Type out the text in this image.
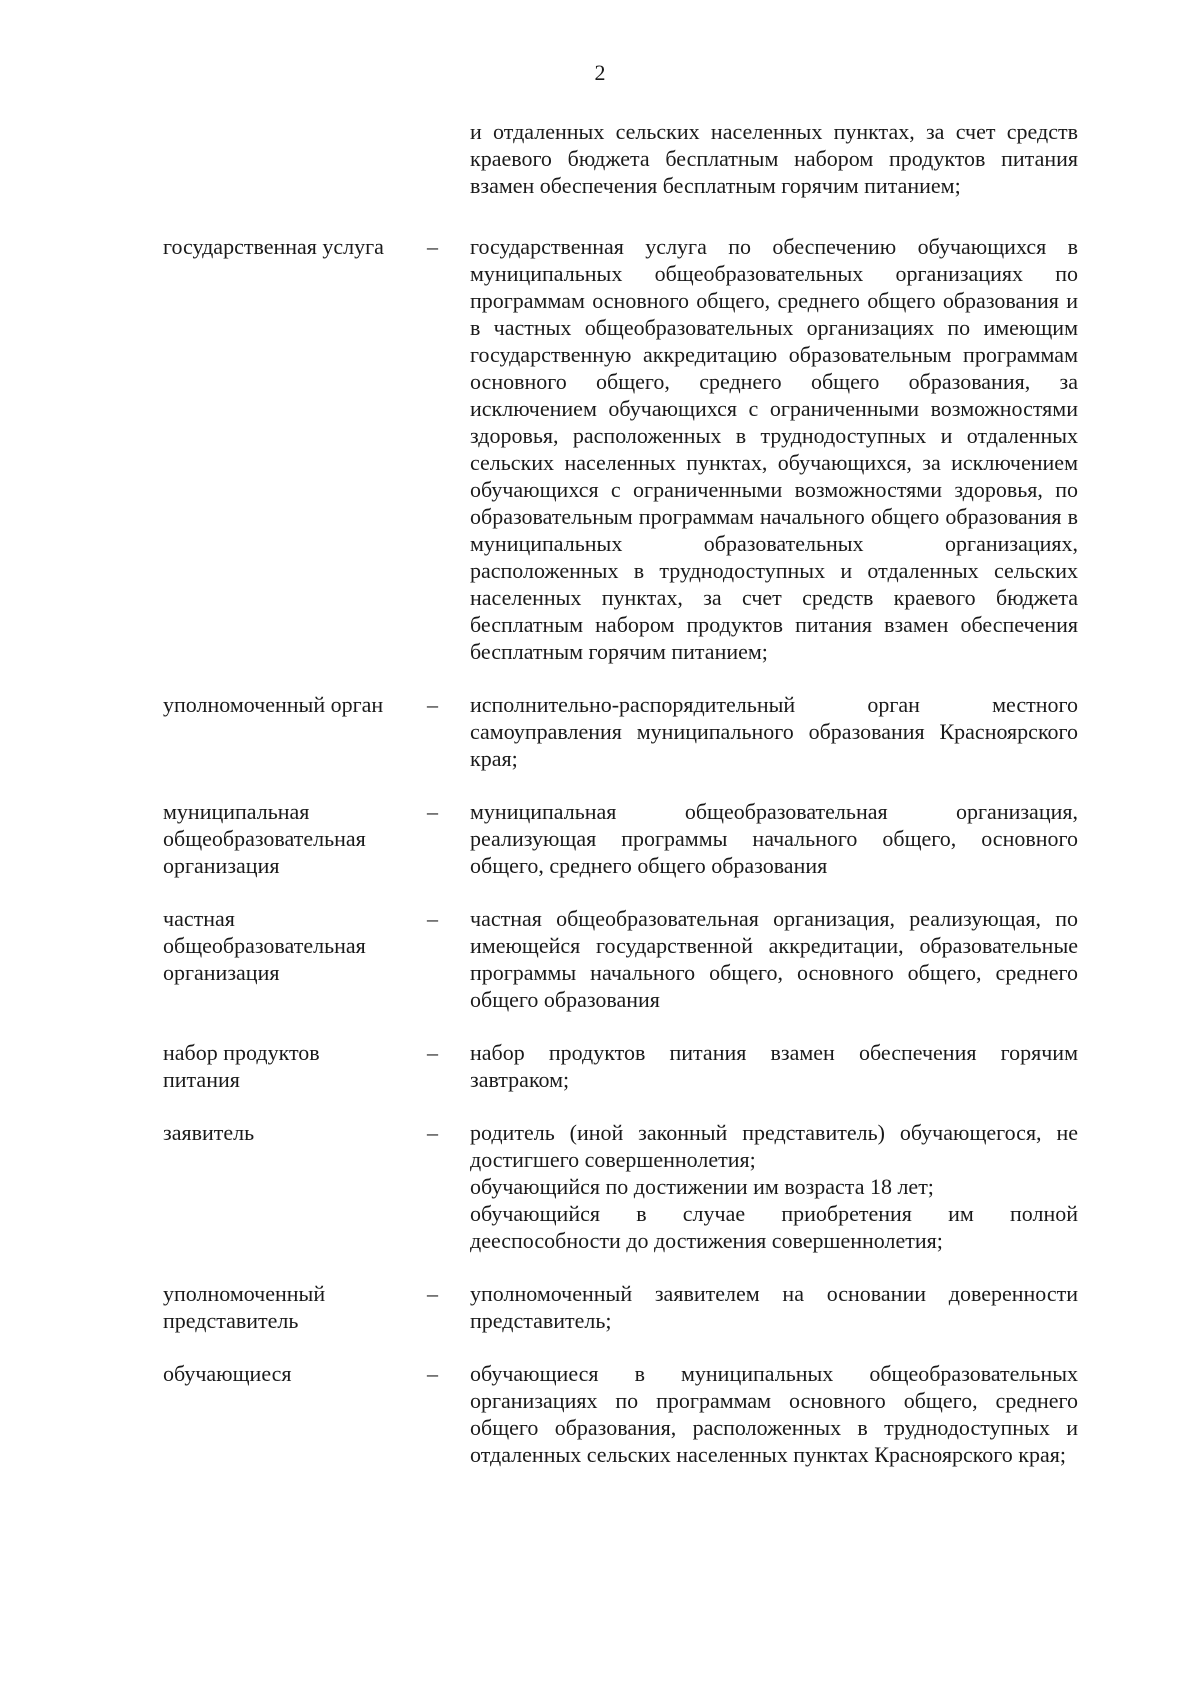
2

и отдаленных сельских населенных пунктах, за счет средств краевого бюджета бесплатным набором продуктов питания взамен обеспечения бесплатным горячим питанием;

государственная услуга	–	государственная услуга по обеспечению обучающихся в муниципальных общеобразовательных организациях по программам основного общего, среднего общего образования и в частных общеобразовательных организациях по имеющим государственную аккредитацию образовательным программам основного общего, среднего общего образования, за исключением обучающихся с ограниченными возможностями здоровья, расположенных в труднодоступных и отдаленных сельских населенных пунктах, обучающихся, за исключением обучающихся с ограниченными возможностями здоровья, по образовательным программам начального общего образования в муниципальных образовательных организациях, расположенных в труднодоступных и отдаленных сельских населенных пунктах, за счет средств краевого бюджета бесплатным набором продуктов питания взамен обеспечения бесплатным горячим питанием;

уполномоченный орган	–	исполнительно-распорядительный орган местного самоуправления муниципального образования Красноярского края;

муниципальная
общеобразовательная
организация
–	муниципальная общеобразовательная организация, реализующая программы начального общего, основного общего, среднего общего образования

частная
общеобразовательная
организация
–	частная общеобразовательная организация, реализующая, по имеющейся государственной аккредитации, образовательные программы начального общего, основного общего, среднего общего образования

набор продуктов
питания
–	набор продуктов питания взамен обеспечения горячим завтраком;

заявитель	–	родитель (иной законный представитель) обучающегося, не достигшего совершеннолетия;

обучающийся по достижении им возраста 18 лет;

обучающийся в случае приобретения им полной дееспособности до достижения совершеннолетия;

уполномоченный
представитель
–	уполномоченный заявителем на основании доверенности представитель;

обучающиеся	–	обучающиеся в муниципальных общеобразовательных организациях по программам основного общего, среднего общего образования, расположенных в труднодоступных и отдаленных сельских населенных пунктах Красноярского края;
